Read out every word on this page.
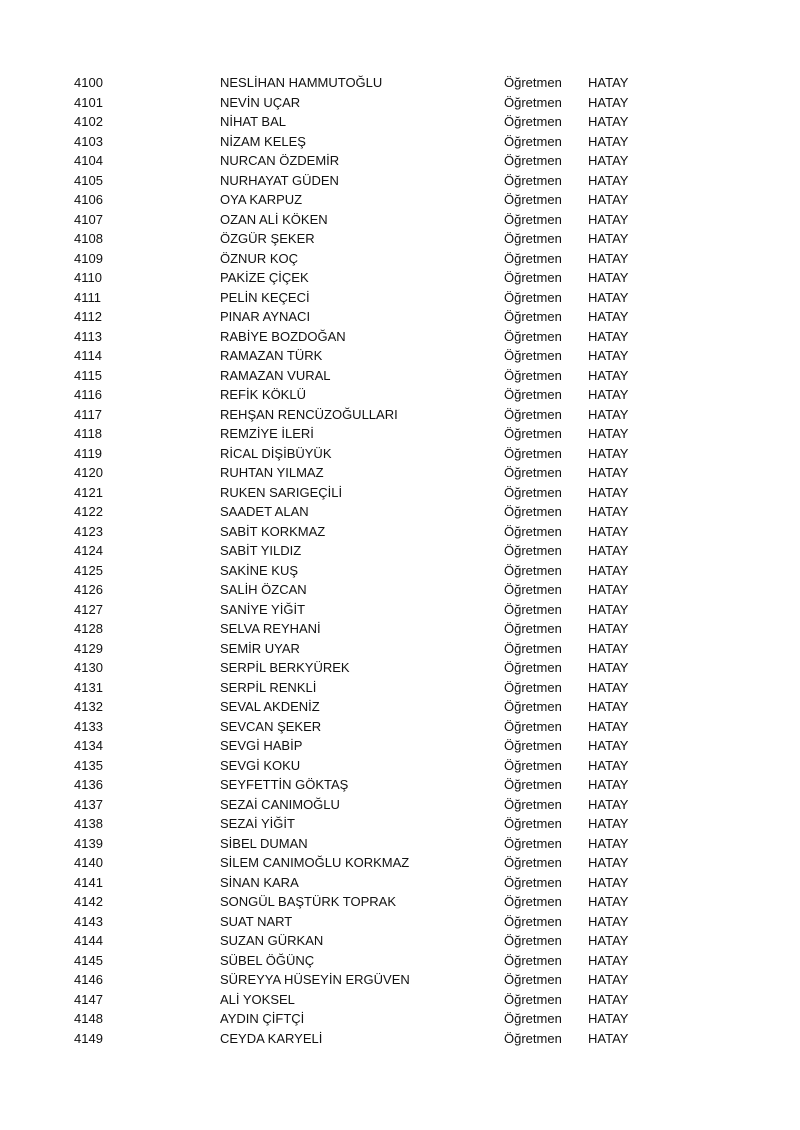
4100	NESLİHAN HAMMUTOĞLU	Öğretmen HATAY
4101	NEVİN UÇAR	Öğretmen HATAY
4102	NİHAT BAL	Öğretmen HATAY
4103	NİZAM KELEŞ	Öğretmen HATAY
4104	NURCAN ÖZDEMİR	Öğretmen HATAY
4105	NURHAYAT GÜDEN	Öğretmen HATAY
4106	OYA KARPUZ	Öğretmen HATAY
4107	OZAN ALİ KÖKEN	Öğretmen HATAY
4108	ÖZGÜR ŞEKER	Öğretmen HATAY
4109	ÖZNUR KOÇ	Öğretmen HATAY
4110	PAKİZE ÇİÇEK	Öğretmen HATAY
4111	PELİN KEÇECİ	Öğretmen HATAY
4112	PINAR AYNACI	Öğretmen HATAY
4113	RABİYE BOZDOĞAN	Öğretmen HATAY
4114	RAMAZAN TÜRK	Öğretmen HATAY
4115	RAMAZAN VURAL	Öğretmen HATAY
4116	REFİK KÖKLÜ	Öğretmen HATAY
4117	REHŞAN RENCÜZOĞULLARI	Öğretmen HATAY
4118	REMZİYE İLERİ	Öğretmen HATAY
4119	RİCAL DİŞİBÜYÜK	Öğretmen HATAY
4120	RUHTAN YILMAZ	Öğretmen HATAY
4121	RUKEN SARIGEÇİLİ	Öğretmen HATAY
4122	SAADET ALAN	Öğretmen HATAY
4123	SABİT KORKMAZ	Öğretmen HATAY
4124	SABİT YILDIZ	Öğretmen HATAY
4125	SAKİNE KUŞ	Öğretmen HATAY
4126	SALİH ÖZCAN	Öğretmen HATAY
4127	SANİYE YİĞİT	Öğretmen HATAY
4128	SELVA REYHANİ	Öğretmen HATAY
4129	SEMİR UYAR	Öğretmen HATAY
4130	SERPİL BERKYÜREK	Öğretmen HATAY
4131	SERPİL RENKLİ	Öğretmen HATAY
4132	SEVAL AKDENİZ	Öğretmen HATAY
4133	SEVCAN ŞEKER	Öğretmen HATAY
4134	SEVGİ HABİP	Öğretmen HATAY
4135	SEVGİ KOKU	Öğretmen HATAY
4136	SEYFETTİN GÖKTAŞ	Öğretmen HATAY
4137	SEZAİ CANIMOĞLU	Öğretmen HATAY
4138	SEZAİ YİĞİT	Öğretmen HATAY
4139	SİBEL DUMAN	Öğretmen HATAY
4140	SİLEM CANIMOĞLU KORKMAZ	Öğretmen HATAY
4141	SİNAN KARA	Öğretmen HATAY
4142	SONGÜL BAŞTÜRK TOPRAK	Öğretmen HATAY
4143	SUAT NART	Öğretmen HATAY
4144	SUZAN GÜRKAN	Öğretmen HATAY
4145	SÜBEL ÖĞÜNÇ	Öğretmen HATAY
4146	SÜREYYA HÜSEYİN ERGÜVEN	Öğretmen HATAY
4147	ALİ YOKSEL	Öğretmen HATAY
4148	AYDIN ÇİFTÇİ	Öğretmen HATAY
4149	CEYDA KARYELİ	Öğretmen HATAY
